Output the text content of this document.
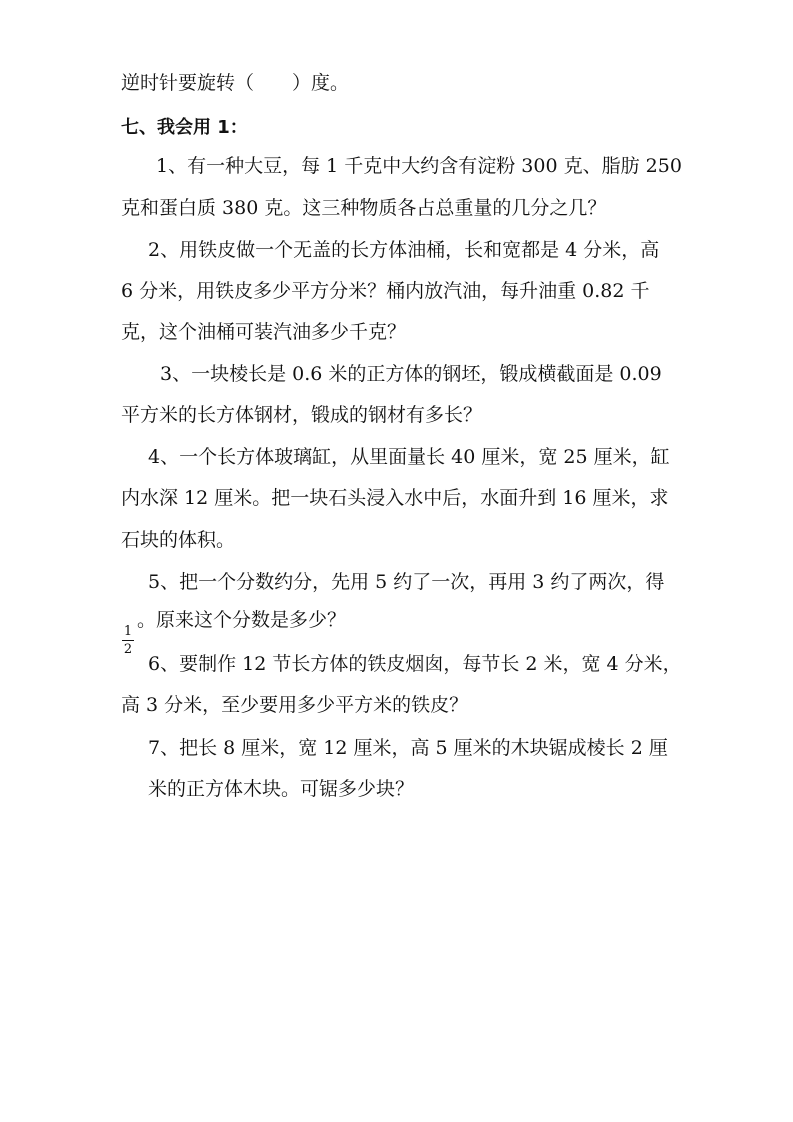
逆时针要旋转（　　）度。
七、我会用 1：
1、有一种大豆，每 1 千克中大约含有淀粉 300 克、脂肪 250
克和蛋白质 380 克。这三种物质各占总重量的几分之几？
2、用铁皮做一个无盖的长方体油桶，长和宽都是 4 分米，高
6 分米，用铁皮多少平方分米？桶内放汽油，每升油重 0.82 千
克，这个油桶可装汽油多少千克？
3、一块棱长是 0.6 米的正方体的钢坯，锻成横截面是 0.09
平方米的长方体钢材，锻成的钢材有多长？
4、一个长方体玻璃缸，从里面量长 40 厘米，宽 25 厘米，缸
内水深 12 厘米。把一块石头浸入水中后，水面升到 16 厘米，求
石块的体积。
5、把一个分数约分，先用 5 约了一次，再用 3 约了两次，得
1
2
。原来这个分数是多少？
6、要制作 12 节长方体的铁皮烟囱，每节长 2 米，宽 4 分米，
高 3 分米，至少要用多少平方米的铁皮？
7、把长 8 厘米，宽 12 厘米，高 5 厘米的木块锯成棱长 2 厘
米的正方体木块。可锯多少块？
